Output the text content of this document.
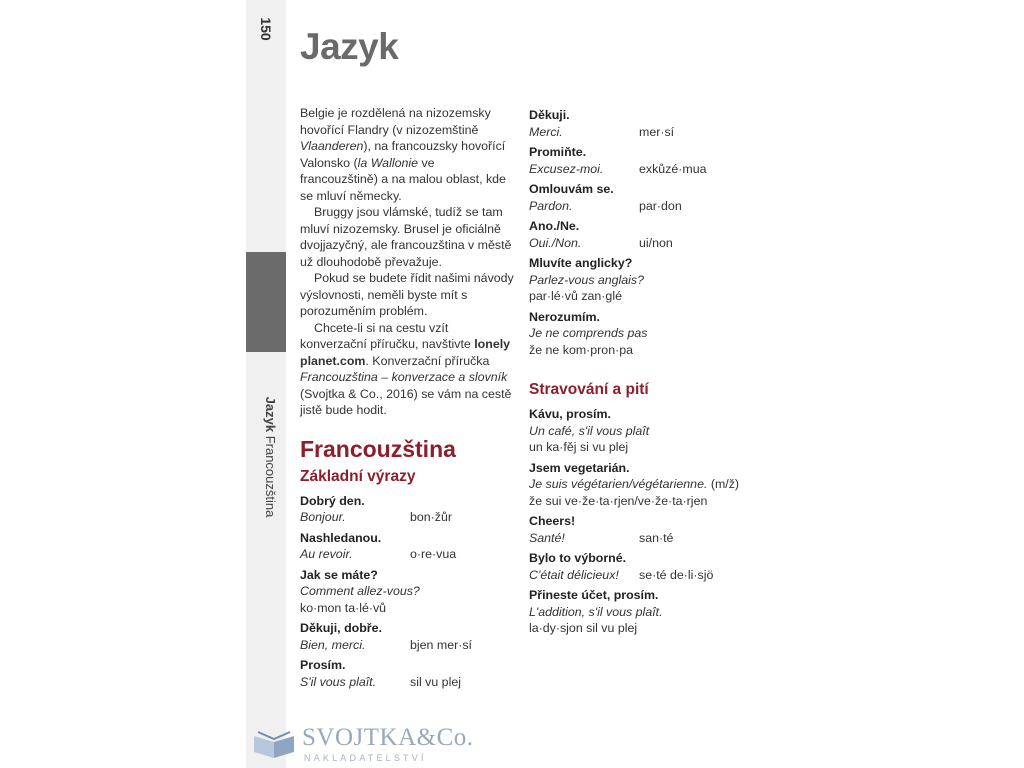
150
Jazyk Francouzština
Jazyk

Belgie je rozdělená na nizozemsky hovořící Flandry (v nizozemštině Vlaanderen), na francouzsky hovořící Valonsko (la Wallonie ve francouzštině) a na malou oblast, kde se mluví německy.

Bruggy jsou vlámské, tudíž se tam mluví nizozemsky. Brusel je oficiálně dvojjazyčný, ale francouzština v městě už dlouhodobě převažuje.

Pokud se budete řídit našimi návody výslovnosti, neměli byste mít s porozuměním problém.

Chcete-li si na cestu vzít konverzační příručku, navštivte lonely planet.com. Konverzační příručka Francouzština – konverzace a slovník (Svojtka & Co., 2016) se vám na cestě jistě bude hodit.

Francouzština
Základní výrazy
Dobrý den.
Bonjour.	bon·žůr
Nashledanou.
Au revoir.	o·re·vua
Jak se máte?
Comment allez-vous?
ko·mon ta·lé·vů
Děkuji, dobře.
Bien, merci.	bjen mer·sí
Prosím.
S'il vous plaît.	sil vu plej
Děkuji.
Merci.	mer·sí
Promiňte.
Excusez-moi.	exkůzé·mua
Omlouvám se.
Pardon.	par·don
Ano./Ne.
Oui./Non.	ui/non
Mluvíte anglicky?
Parlez-vous anglais?
par·lé·vů zan·glé
Nerozumím.
Je ne comprends pas
že ne kom·pron·pa
Stravování a pití
Kávu, prosím.
Un café, s'il vous plaît
un ka·fěj si vu plej
Jsem vegetarián.
Je suis végétarien/végétarienne. (m/ž)
že sui ve·že·ta·rjen/ve·že·ta·rjen
Cheers!
Santé!	san·té
Bylo to výborné.
C'était délicieux!	se·té de·li·sjö
Přineste účet, prosím.
L'addition, s'il vous plaît.
la·dy·sjon sil vu plej
SVOJTKA&Co.
NAKLADATELSTVÍ
